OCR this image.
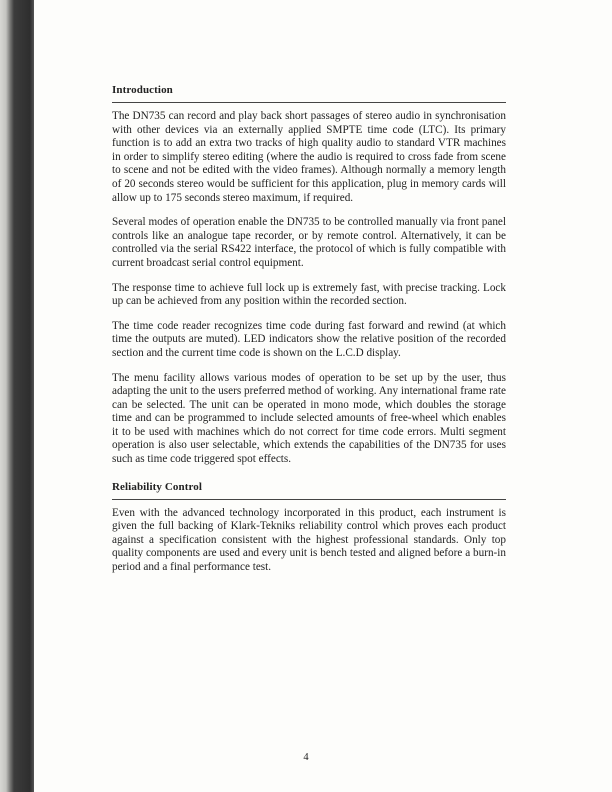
Introduction

The DN735 can record and play back short passages of stereo audio in synchronisation with other devices via an externally applied SMPTE time code (LTC). Its primary function is to add an extra two tracks of high quality audio to standard VTR machines in order to simplify stereo editing (where the audio is required to cross fade from scene to scene and not be edited with the video frames). Although normally a memory length of 20 seconds stereo would be sufficient for this application, plug in memory cards will allow up to 175 seconds stereo maximum, if required.

Several modes of operation enable the DN735 to be controlled manually via front panel controls like an analogue tape recorder, or by remote control. Alternatively, it can be controlled via the serial RS422 interface, the protocol of which is fully compatible with current broadcast serial control equipment.

The response time to achieve full lock up is extremely fast, with precise tracking. Lock up can be achieved from any position within the recorded section.

The time code reader recognizes time code during fast forward and rewind (at which time the outputs are muted). LED indicators show the relative position of the recorded section and the current time code is shown on the L.C.D display.

The menu facility allows various modes of operation to be set up by the user, thus adapting the unit to the users preferred method of working. Any international frame rate can be selected. The unit can be operated in mono mode, which doubles the storage time and can be programmed to include selected amounts of free-wheel which enables it to be used with machines which do not correct for time code errors. Multi segment operation is also user selectable, which extends the capabilities of the DN735 for uses such as time code triggered spot effects.

Reliability Control

Even with the advanced technology incorporated in this product, each instrument is given the full backing of Klark-Tekniks reliability control which proves each product against a specification consistent with the highest professional standards. Only top quality components are used and every unit is bench tested and aligned before a burn-in period and a final performance test.

4
